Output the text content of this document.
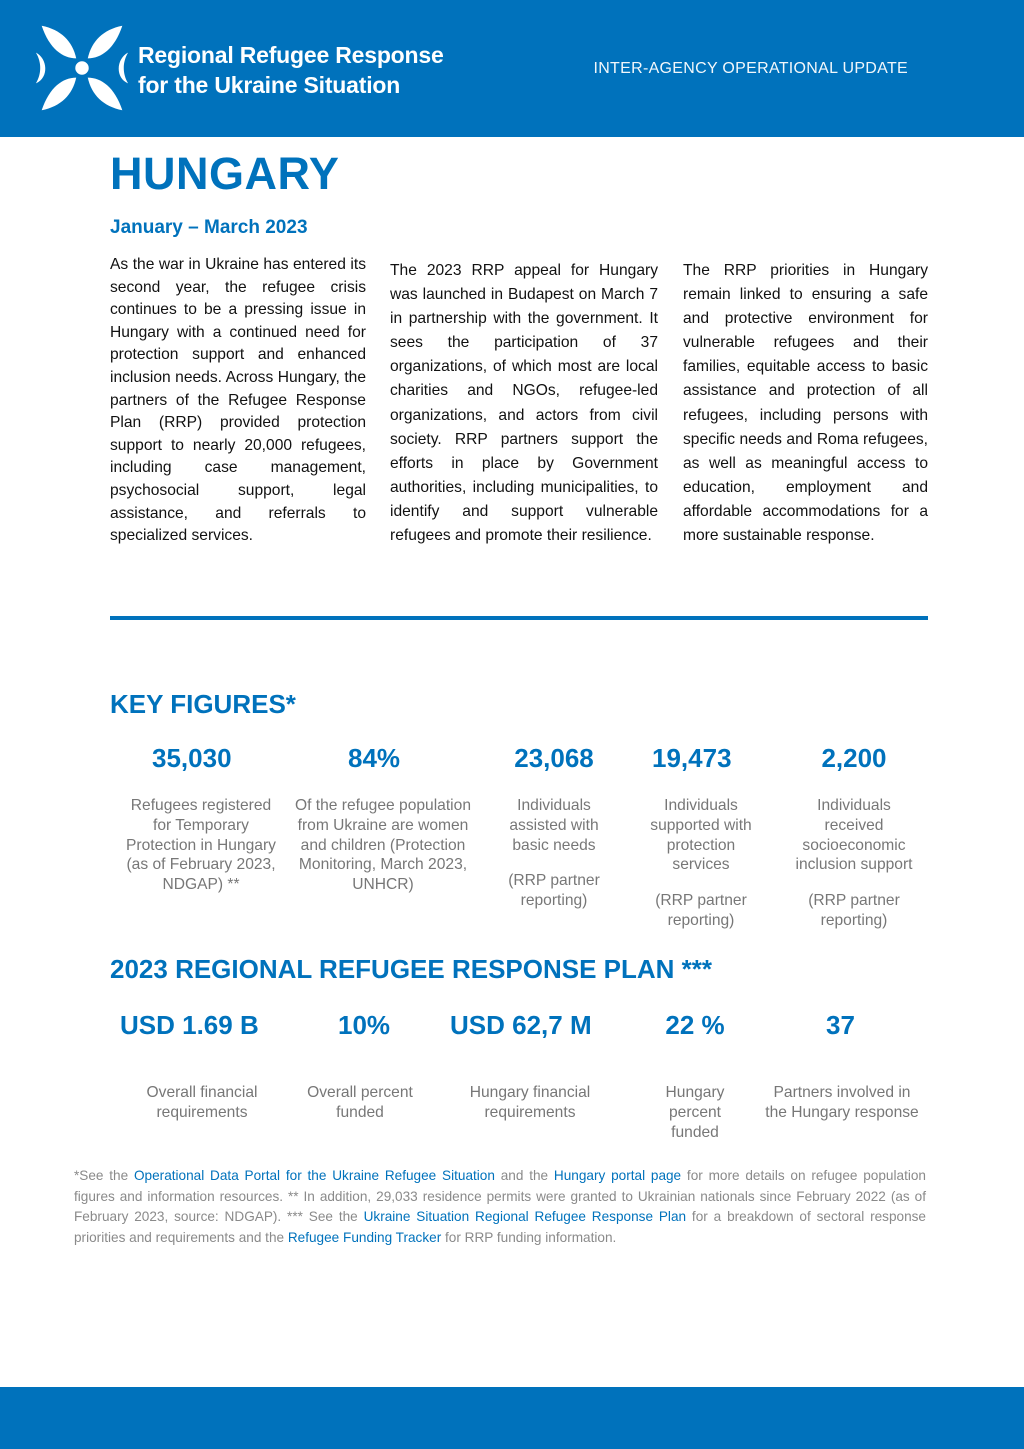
Regional Refugee Response
for the Ukraine Situation
INTER-AGENCY OPERATIONAL UPDATE
HUNGARY
January – March 2023
As the war in Ukraine has entered its second year, the refugee crisis continues to be a pressing issue in Hungary with a continued need for protection support and enhanced inclusion needs. Across Hungary, the partners of the Refugee Response Plan (RRP) provided protection support to nearly 20,000 refugees, including case management, psychosocial support, legal assistance, and referrals to specialized services.
The 2023 RRP appeal for Hungary was launched in Budapest on March 7 in partnership with the government. It sees the participation of 37 organizations, of which most are local charities and NGOs, refugee-led organizations, and actors from civil society. RRP partners support the efforts in place by Government authorities, including municipalities, to identify and support vulnerable refugees and promote their resilience.
The RRP priorities in Hungary remain linked to ensuring a safe and protective environment for vulnerable refugees and their families, equitable access to basic assistance and protection of all refugees, including persons with specific needs and Roma refugees, as well as meaningful access to education, employment and affordable accommodations for a more sustainable response.
KEY FIGURES*
35,030
Refugees registered for Temporary Protection in Hungary (as of February 2023, NDGAP) **
84%
Of the refugee population from Ukraine are women and children (Protection Monitoring, March 2023, UNHCR)
23,068
Individuals assisted with basic needs
(RRP partner reporting)
19,473
Individuals supported with protection services
(RRP partner reporting)
2,200
Individuals received socioeconomic inclusion support
(RRP partner reporting)
2023 REGIONAL REFUGEE RESPONSE PLAN ***
USD 1.69 B
Overall financial requirements
10%
Overall percent funded
USD 62,7 M
Hungary financial requirements
22 %
Hungary percent funded
37
Partners involved in the Hungary response
*See the Operational Data Portal for the Ukraine Refugee Situation and the Hungary portal page for more details on refugee population figures and information resources. ** In addition, 29,033 residence permits were granted to Ukrainian nationals since February 2022 (as of February 2023, source: NDGAP). *** See the Ukraine Situation Regional Refugee Response Plan for a breakdown of sectoral response priorities and requirements and the Refugee Funding Tracker for RRP funding information.
